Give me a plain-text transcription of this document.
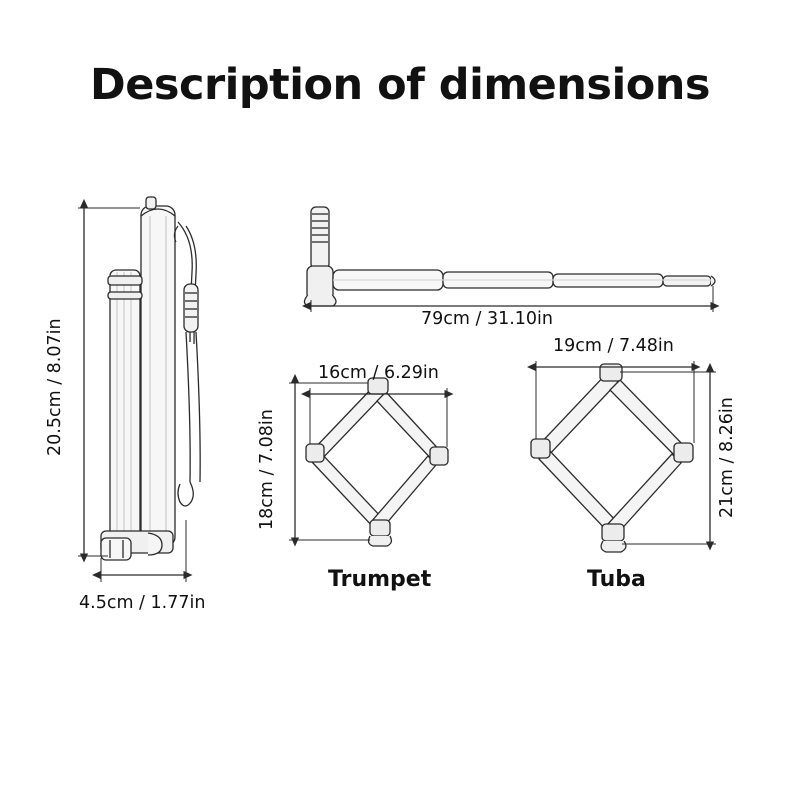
Description of dimensions
20.5cm / 8.07in
4.5cm / 1.77in
79cm / 31.10in
16cm / 6.29in
18cm / 7.08in
Trumpet
19cm / 7.48in
21cm / 8.26in
Tuba
